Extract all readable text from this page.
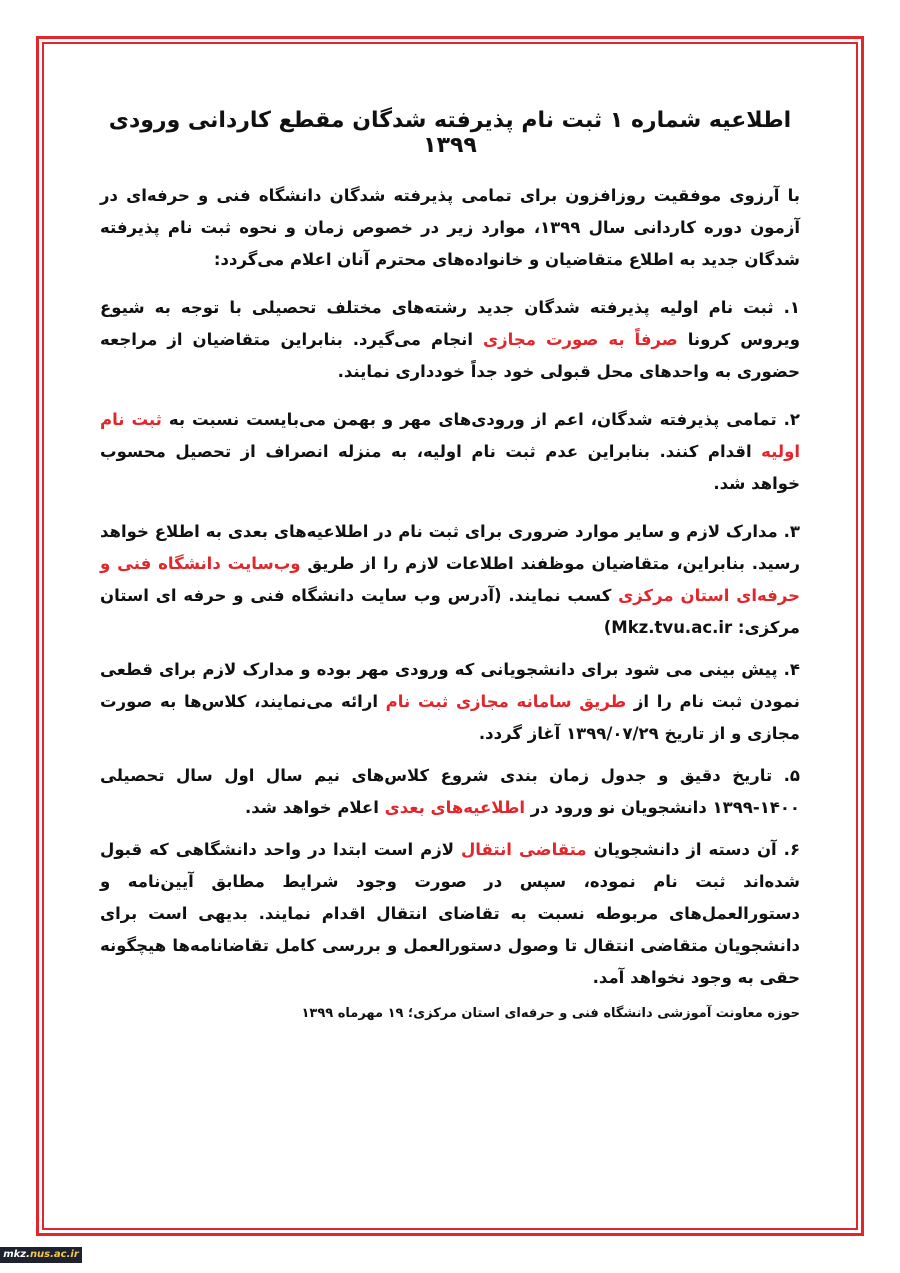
اطلاعیه شماره ۱ ثبت نام پذیرفته شدگان مقطع کاردانی ورودی ۱۳۹۹

با آرزوی موفقیت روزافزون برای تمامی پذیرفته شدگان دانشگاه فنی و حرفه‌ای در آزمون دوره کاردانی سال ۱۳۹۹، موارد زیر در خصوص زمان و نحوه ثبت نام پذیرفته شدگان جدید به اطلاع متقاضیان و خانواده‌های محترم آنان اعلام می‌گردد:

۱. ثبت نام اولیه پذیرفته شدگان جدید رشته‌های مختلف تحصیلی با توجه به شیوع ویروس کرونا صرفاً به صورت مجازی انجام می‌گیرد. بنابراین متقاضیان از مراجعه حضوری به واحدهای محل قبولی خود جداً خودداری نمایند.

۲. تمامی پذیرفته شدگان، اعم از ورودی‌های مهر و بهمن می‌بایست نسبت به ثبت نام اولیه اقدام کنند. بنابراین عدم ثبت نام اولیه، به منزله انصراف از تحصیل محسوب خواهد شد.

۳. مدارک لازم و سایر موارد ضروری برای ثبت نام در اطلاعیه‌های بعدی به اطلاع خواهد رسید. بنابراین، متقاضیان موظفند اطلاعات لازم را از طریق وب‌سایت دانشگاه فنی و حرفه‌ای استان مرکزی کسب نمایند. (آدرس وب سایت دانشگاه فنی و حرفه ای استان مرکزی: Mkz.tvu.ac.ir)

۴. پیش بینی می شود برای دانشجویانی که ورودی مهر بوده و مدارک لازم برای قطعی نمودن ثبت نام را از طریق سامانه مجازی ثبت نام ارائه می‌نمایند، کلاس‌ها به صورت مجازی و از تاریخ ۱۳۹۹/۰۷/۲۹ آغاز گردد.

۵. تاریخ دقیق و جدول زمان بندی شروع کلاس‌های نیم سال اول سال تحصیلی ۱۴۰۰-۱۳۹۹ دانشجویان نو ورود در اطلاعیه‌های بعدی اعلام خواهد شد.

۶. آن دسته از دانشجویان متقاضی انتقال لازم است ابتدا در واحد دانشگاهی که قبول شده‌اند ثبت نام نموده، سپس در صورت وجود شرایط مطابق آیین‌نامه و دستورالعمل‌های مربوطه نسبت به تقاضای انتقال اقدام نمایند. بدیهی است برای دانشجویان متقاضی انتقال تا وصول دستورالعمل و بررسی کامل تقاضانامه‌ها هیچگونه حقی به وجود نخواهد آمد.

حوزه معاونت آموزشی دانشگاه فنی و حرفه‌ای استان مرکزی؛ ۱۹ مهرماه ۱۳۹۹
mkz.nus.ac.ir
